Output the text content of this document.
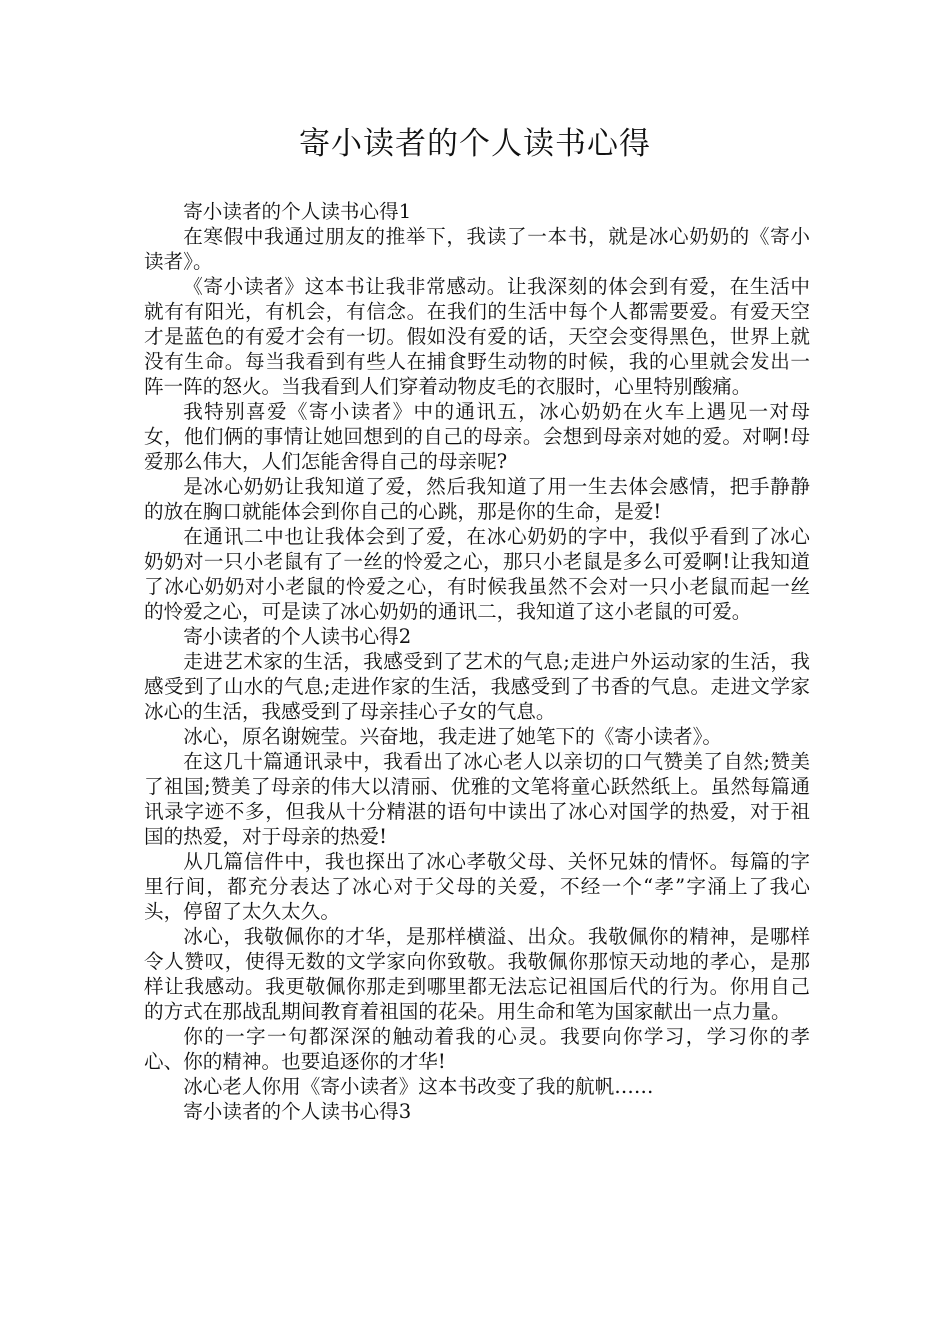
寄小读者的个人读书心得

寄小读者的个人读书心得1

在寒假中我通过朋友的推举下，我读了一本书，就是冰心奶奶的《寄小读者》。

《寄小读者》这本书让我非常感动。让我深刻的体会到有爱，在生活中就有有阳光，有机会，有信念。在我们的生活中每个人都需要爱。有爱天空才是蓝色的有爱才会有一切。假如没有爱的话，天空会变得黑色，世界上就没有生命。每当我看到有些人在捕食野生动物的时候，我的心里就会发出一阵一阵的怒火。当我看到人们穿着动物皮毛的衣服时，心里特别酸痛。

我特别喜爱《寄小读者》中的通讯五，冰心奶奶在火车上遇见一对母女，他们俩的事情让她回想到的自己的母亲。会想到母亲对她的爱。对啊!母爱那么伟大，人们怎能舍得自己的母亲呢?

是冰心奶奶让我知道了爱，然后我知道了用一生去体会感情，把手静静的放在胸口就能体会到你自己的心跳，那是你的生命，是爱!

在通讯二中也让我体会到了爱，在冰心奶奶的字中，我似乎看到了冰心奶奶对一只小老鼠有了一丝的怜爱之心，那只小老鼠是多么可爱啊!让我知道了冰心奶奶对小老鼠的怜爱之心，有时候我虽然不会对一只小老鼠而起一丝的怜爱之心，可是读了冰心奶奶的通讯二，我知道了这小老鼠的可爱。

寄小读者的个人读书心得2

走进艺术家的生活，我感受到了艺术的气息;走进户外运动家的生活，我感受到了山水的气息;走进作家的生活，我感受到了书香的气息。走进文学家冰心的生活，我感受到了母亲挂心子女的气息。

冰心，原名谢婉莹。兴奋地，我走进了她笔下的《寄小读者》。

在这几十篇通讯录中，我看出了冰心老人以亲切的口气赞美了自然;赞美了祖国;赞美了母亲的伟大以清丽、优雅的文笔将童心跃然纸上。虽然每篇通讯录字迹不多，但我从十分精湛的语句中读出了冰心对国学的热爱，对于祖国的热爱，对于母亲的热爱!

从几篇信件中，我也探出了冰心孝敬父母、关怀兄妹的情怀。每篇的字里行间，都充分表达了冰心对于父母的关爱，不经一个“孝”字涌上了我心头，停留了太久太久。

冰心，我敬佩你的才华，是那样横溢、出众。我敬佩你的精神，是哪样令人赞叹，使得无数的文学家向你致敬。我敬佩你那惊天动地的孝心，是那样让我感动。我更敬佩你那走到哪里都无法忘记祖国后代的行为。你用自己的方式在那战乱期间教育着祖国的花朵。用生命和笔为国家献出一点力量。

你的一字一句都深深的触动着我的心灵。我要向你学习，学习你的孝心、你的精神。也要追逐你的才华!

冰心老人你用《寄小读者》这本书改变了我的航帆……

寄小读者的个人读书心得3
